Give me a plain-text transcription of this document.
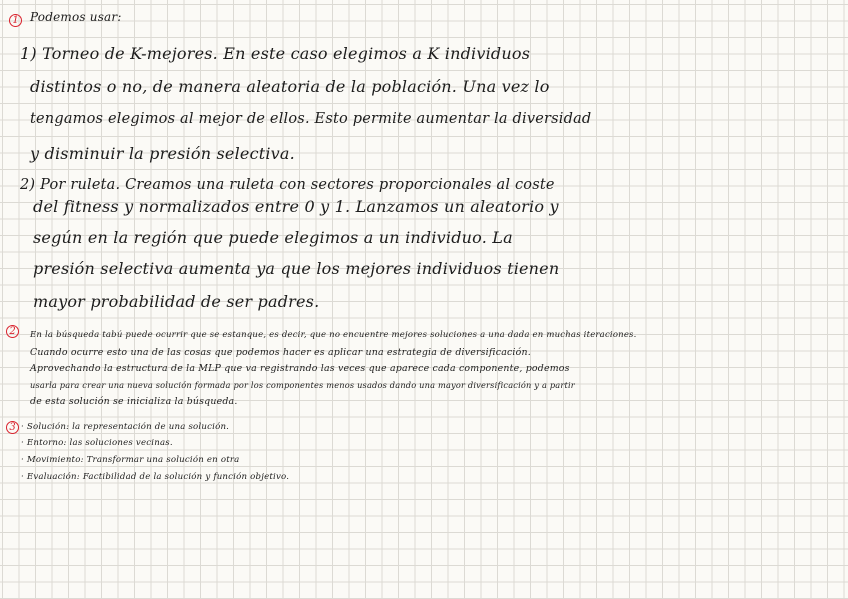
1 Podemos usar:
1) Torneo de K-mejores. En este caso elegimos a K individuos
distintos o no, de manera aleatoria de la población. Una vez lo
tengamos elegimos al mejor de ellos. Esto permite aumentar la diversidad
y disminuir la presión selectiva.
2) Por ruleta. Creamos una ruleta con sectores proporcionales al coste
del fitness y normalizados entre 0 y 1. Lanzamos un aleatorio y
según en la región que puede elegimos a un individuo. La
presión selectiva aumenta ya que los mejores individuos tienen
mayor probabilidad de ser padres.
2	En la búsqueda tabú puede ocurrir que se estanque, es decir, que no encuentre mejores soluciones a una dada en muchas iteraciones.
Cuando ocurre esto una de las cosas que podemos hacer es aplicar una estrategia de diversificación.
Aprovechando la estructura de la MLP que va registrando las veces que aparece cada componente, podemos
usarla para crear una nueva solución formada por los componentes menos usados dando una mayor diversificación y a partir
de esta solución se inicializa la búsqueda.
3 · Solución: la representación de una solución.
· Entorno: las soluciones vecinas.
· Movimiento: Transformar una solución en otra
· Evaluación: Factibilidad de la solución y función objetivo.
